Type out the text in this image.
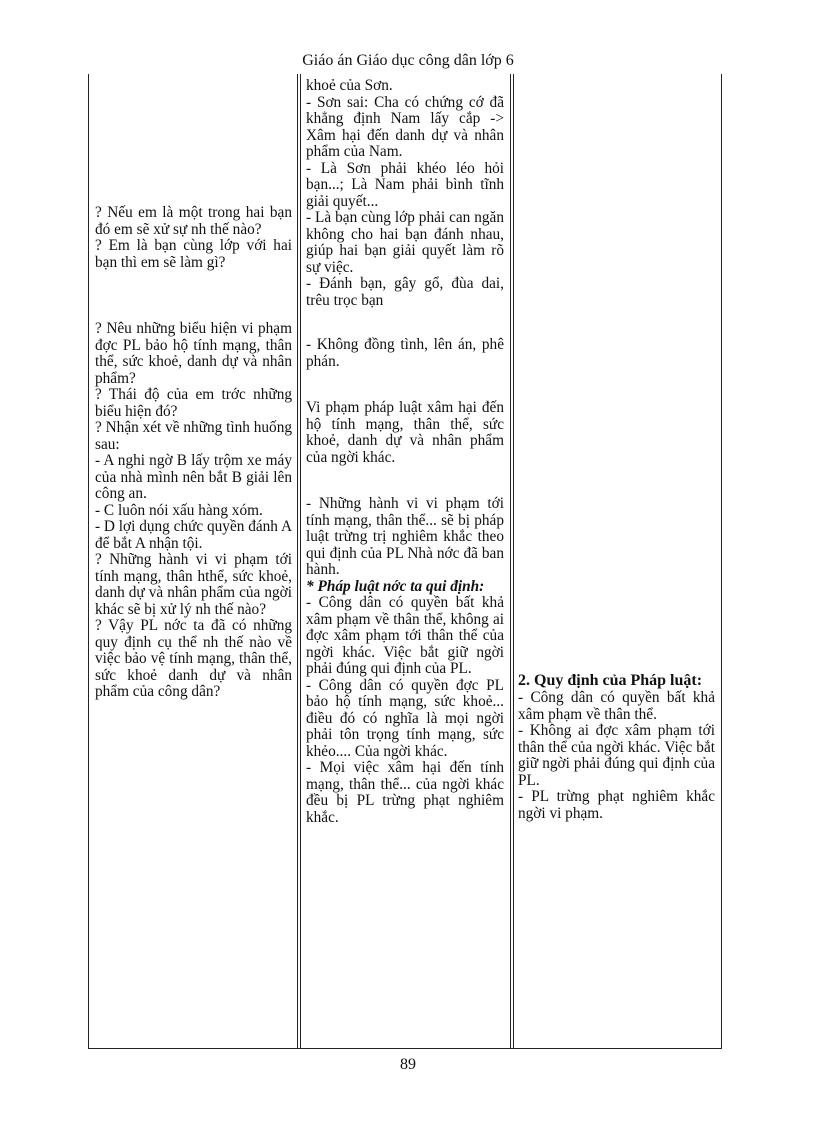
Giáo án Giáo dục công dân lớp 6

? Nếu em là một trong hai bạn đó em sẽ xử sự nh thế nào?

? Em là bạn cùng lớp với hai bạn thì em sẽ làm gì?

? Nêu những biểu hiện vi phạm đợc PL bảo hộ tính mạng, thân thể, sức khoẻ, danh dự và nhân phẩm?

? Thái độ của em trớc những biểu hiện đó?

? Nhận xét về những tình huống sau:

- A nghi ngờ B lấy trộm xe máy của nhà mình nên bắt B giải lên công an.

- C luôn nói xấu hàng xóm.

- D lợi dụng chức quyền đánh A để bắt A nhận tội.

? Những hành vi vi phạm tới tính mạng, thân hthể, sức khoẻ, danh dự và nhân phẩm của ngời khác sẽ bị xử lý nh thế nào?

? Vậy PL nớc ta đã có những quy định cụ thể nh thế nào về việc bảo vệ tính mạng, thân thể, sức khoẻ danh dự và nhân phẩm của công dân?

khoẻ của Sơn.

- Sơn sai: Cha có chứng cớ đã khẳng định Nam lấy cắp -> Xâm hại đến danh dự và nhân phẩm của Nam.

- Là Sơn phải khéo léo hỏi bạn...; Là Nam phải bình tĩnh giải quyết...

- Là bạn cùng lớp phải can ngăn không cho hai bạn đánh nhau, giúp hai bạn giải quyết làm rõ sự việc.

- Đánh bạn, gây gổ, đùa dai, trêu trọc bạn

- Không đồng tình, lên án, phê phán.

Vi phạm pháp luật xâm hại đến hộ tính mạng, thân thể, sức khoẻ, danh dự và nhân phẩm của ngời khác.

- Những hành vi vi phạm tới tính mạng, thân thể... sẽ bị pháp luật trừng trị nghiêm khắc theo qui định của PL Nhà nớc đã ban hành.

* Pháp luật nớc ta qui định:

- Công dân có quyền bất khả xâm phạm về thân thể, không ai đợc xâm phạm tới thân thể của ngời khác. Việc bắt giữ ngời phải đúng qui định của PL.

- Công dân có quyền đợc PL bảo hộ tính mạng, sức khoẻ... điều đó có nghĩa là mọi ngời phải tôn trọng tính mạng, sức khẻo.... Của ngời khác.

- Mọi việc xâm hại đến tính mạng, thân thể... của ngời khác đều bị PL trừng phạt nghiêm khắc.

2. Quy định của Pháp luật:

- Công dân có quyền bất khả xâm phạm về thân thể.

- Không ai đợc xâm phạm tới thân thể của ngời khác. Việc bắt giữ ngời phải đúng qui định của PL.

- PL trừng phạt nghiêm khắc ngời vi phạm.

89
